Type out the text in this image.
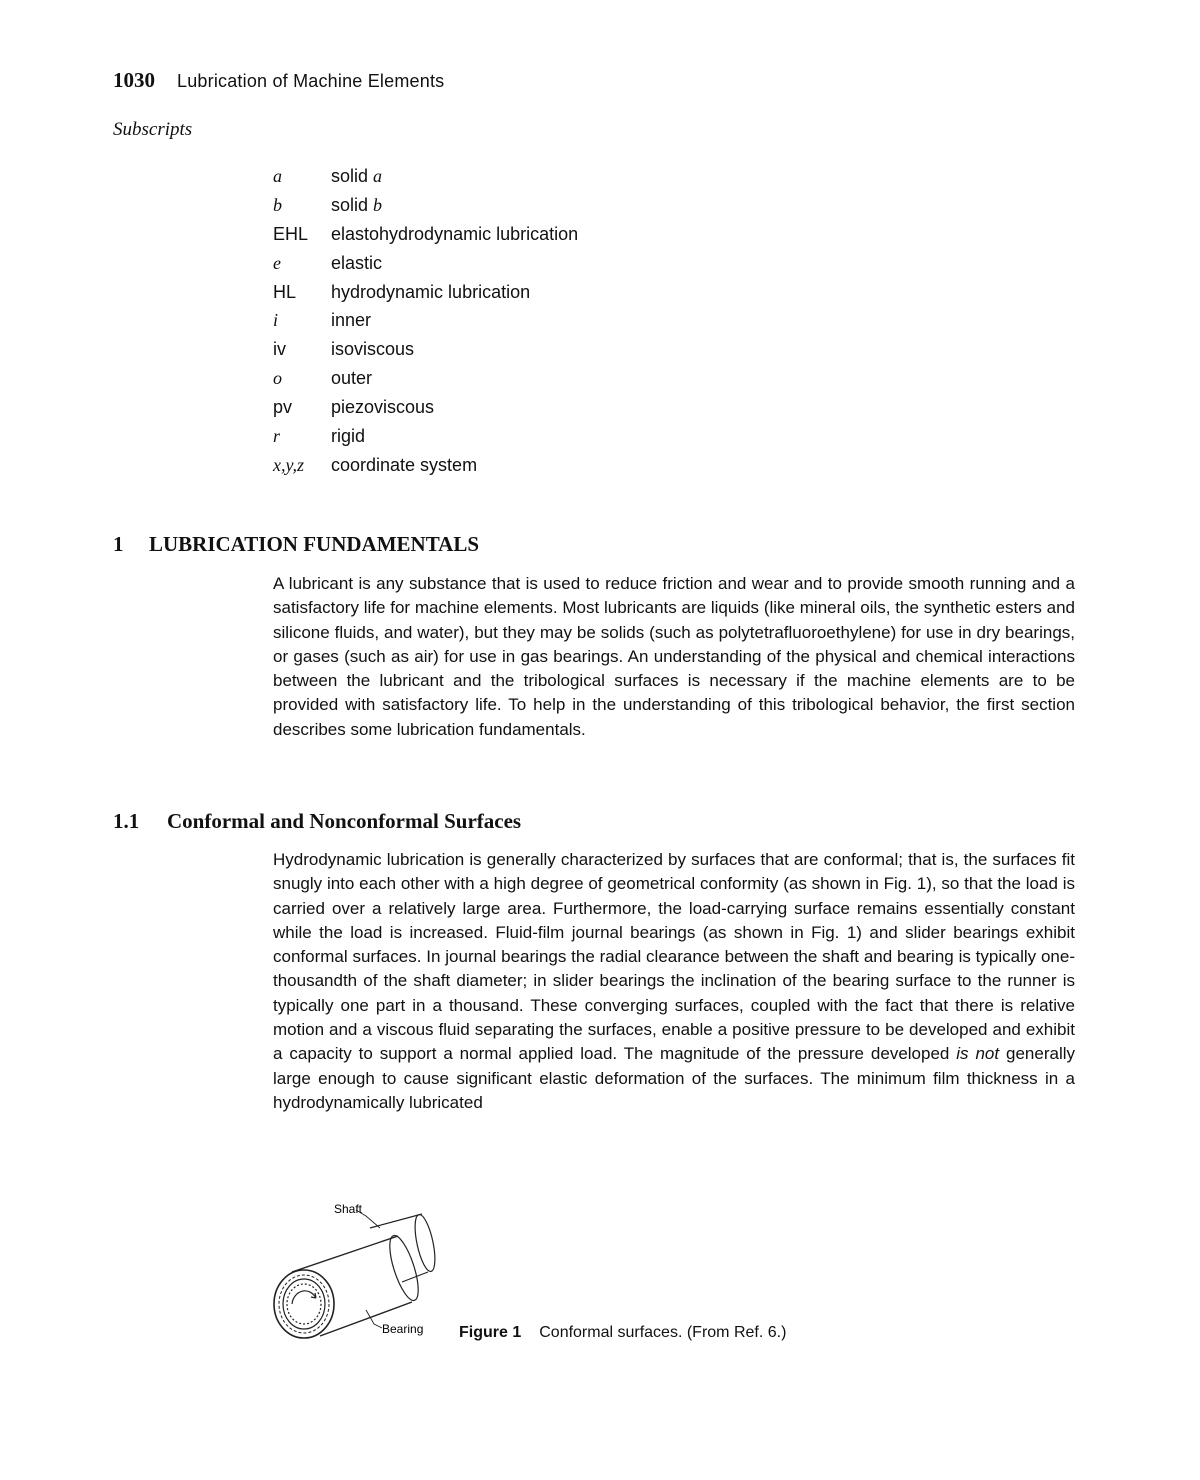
1030 Lubrication of Machine Elements
Subscripts
a	solid a
b	solid b
EHL	elastohydrodynamic lubrication
e	elastic
HL	hydrodynamic lubrication
i	inner
iv	isoviscous
o	outer
pv	piezoviscous
r	rigid
x,y,z	coordinate system
1 LUBRICATION FUNDAMENTALS
A lubricant is any substance that is used to reduce friction and wear and to provide smooth running and a satisfactory life for machine elements. Most lubricants are liquids (like mineral oils, the synthetic esters and silicone fluids, and water), but they may be solids (such as polytetrafluoroethylene) for use in dry bearings, or gases (such as air) for use in gas bearings. An understanding of the physical and chemical interactions between the lubricant and the tribological surfaces is necessary if the machine elements are to be provided with satisfactory life. To help in the understanding of this tribological behavior, the first section describes some lubrication fundamentals.
1.1 Conformal and Nonconformal Surfaces
Hydrodynamic lubrication is generally characterized by surfaces that are conformal; that is, the surfaces fit snugly into each other with a high degree of geometrical conformity (as shown in Fig. 1), so that the load is carried over a relatively large area. Furthermore, the load-carrying surface remains essentially constant while the load is increased. Fluid-film journal bearings (as shown in Fig. 1) and slider bearings exhibit conformal surfaces. In journal bearings the radial clearance between the shaft and bearing is typically one-thousandth of the shaft diameter; in slider bearings the inclination of the bearing surface to the runner is typically one part in a thousand. These converging surfaces, coupled with the fact that there is relative motion and a viscous fluid separating the surfaces, enable a positive pressure to be developed and exhibit a capacity to support a normal applied load. The magnitude of the pressure developed is not generally large enough to cause significant elastic deformation of the surfaces. The minimum film thickness in a hydrodynamically lubricated
Shaft
Bearing Figure 1 Conformal surfaces. (From Ref. 6.)
